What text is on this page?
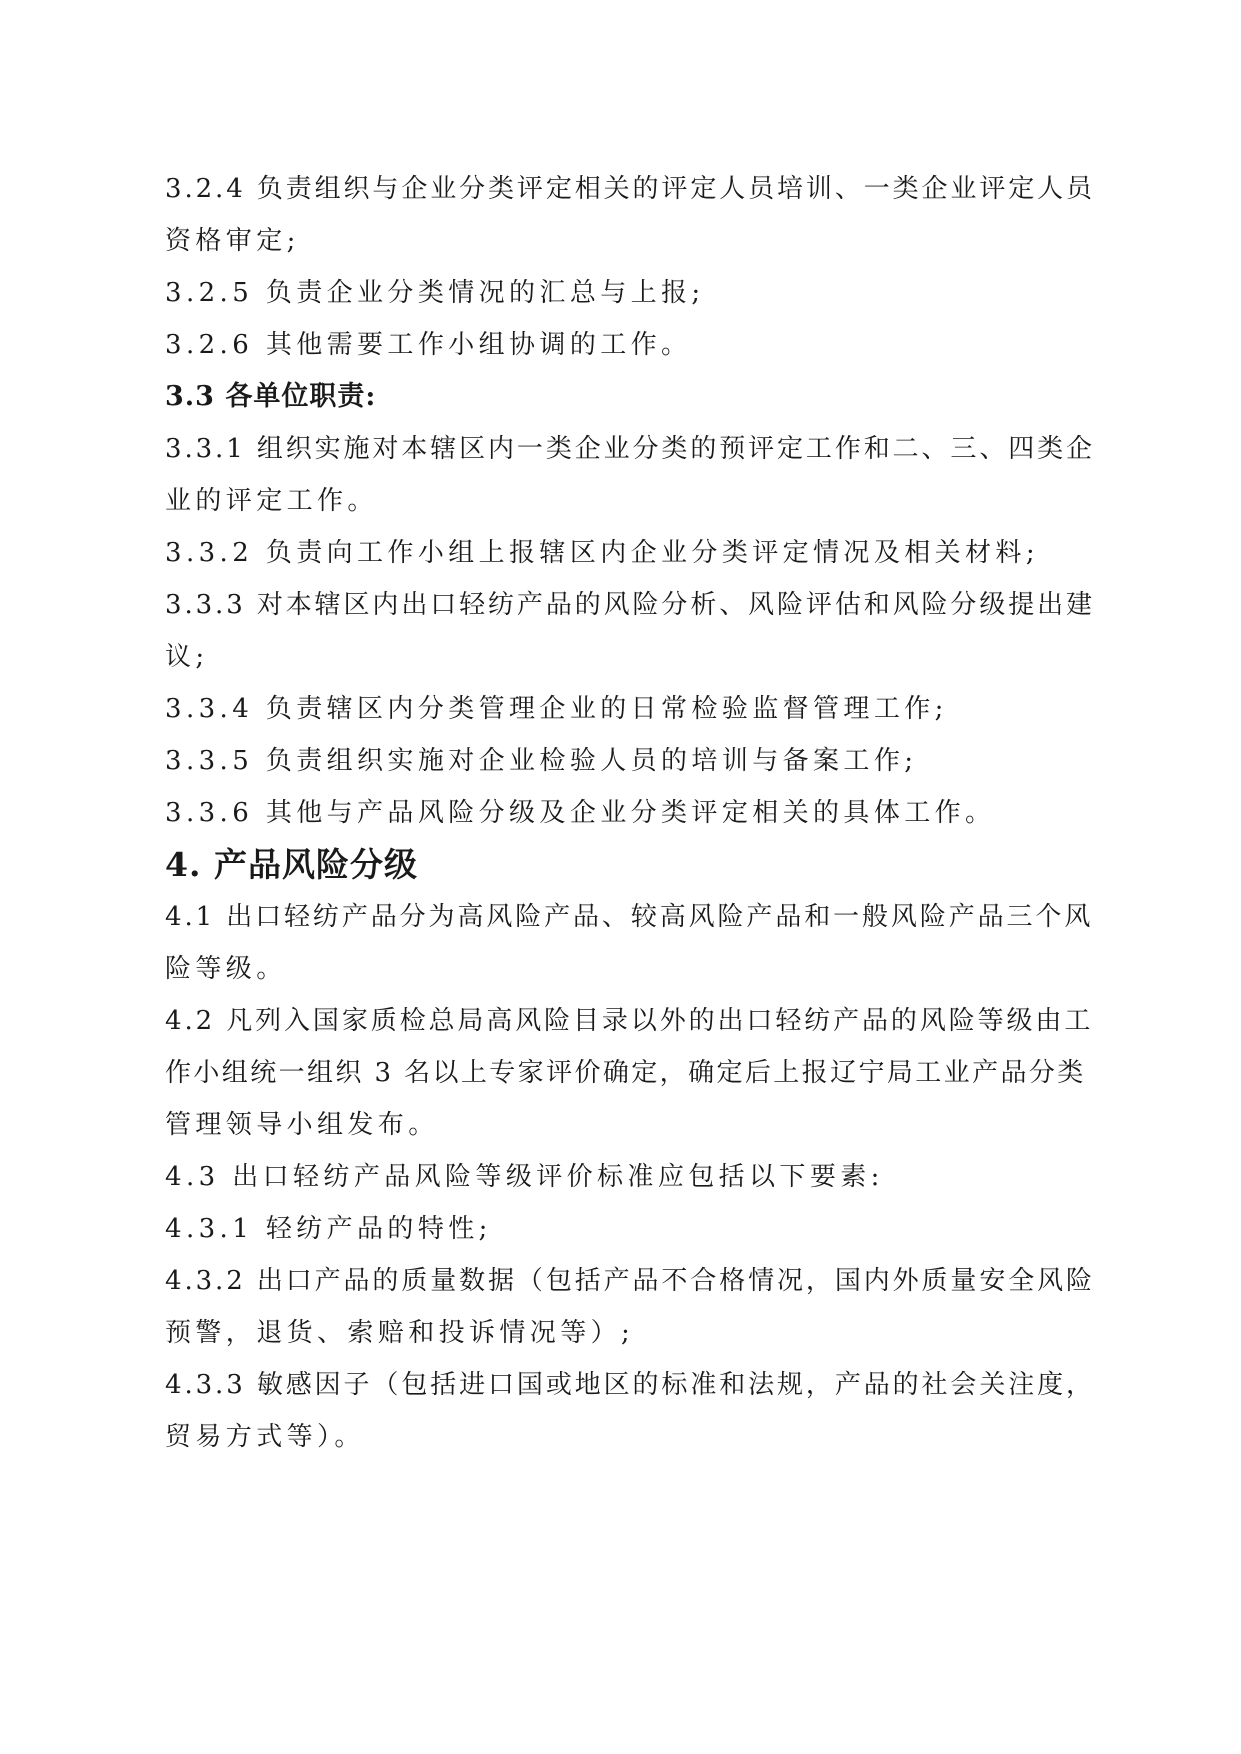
3.2.4 负责组织与企业分类评定相关的评定人员培训、一类企业评定人员
资格审定;
3.2.5 负责企业分类情况的汇总与上报;
3.2.6 其他需要工作小组协调的工作。
3.3 各单位职责:
3.3.1 组织实施对本辖区内一类企业分类的预评定工作和二、三、四类企
业的评定工作。
3.3.2 负责向工作小组上报辖区内企业分类评定情况及相关材料;
3.3.3 对本辖区内出口轻纺产品的风险分析、风险评估和风险分级提出建
议;
3.3.4 负责辖区内分类管理企业的日常检验监督管理工作;
3.3.5 负责组织实施对企业检验人员的培训与备案工作;
3.3.6 其他与产品风险分级及企业分类评定相关的具体工作。
4. 产品风险分级
4.1 出口轻纺产品分为高风险产品、较高风险产品和一般风险产品三个风
险等级。
4.2 凡列入国家质检总局高风险目录以外的出口轻纺产品的风险等级由工
作小组统一组织 3 名以上专家评价确定，确定后上报辽宁局工业产品分类
管理领导小组发布。
4.3 出口轻纺产品风险等级评价标准应包括以下要素:
4.3.1 轻纺产品的特性;
4.3.2 出口产品的质量数据（包括产品不合格情况，国内外质量安全风险
预警，退货、索赔和投诉情况等）;
4.3.3 敏感因子（包括进口国或地区的标准和法规，产品的社会关注度，
贸易方式等）。
